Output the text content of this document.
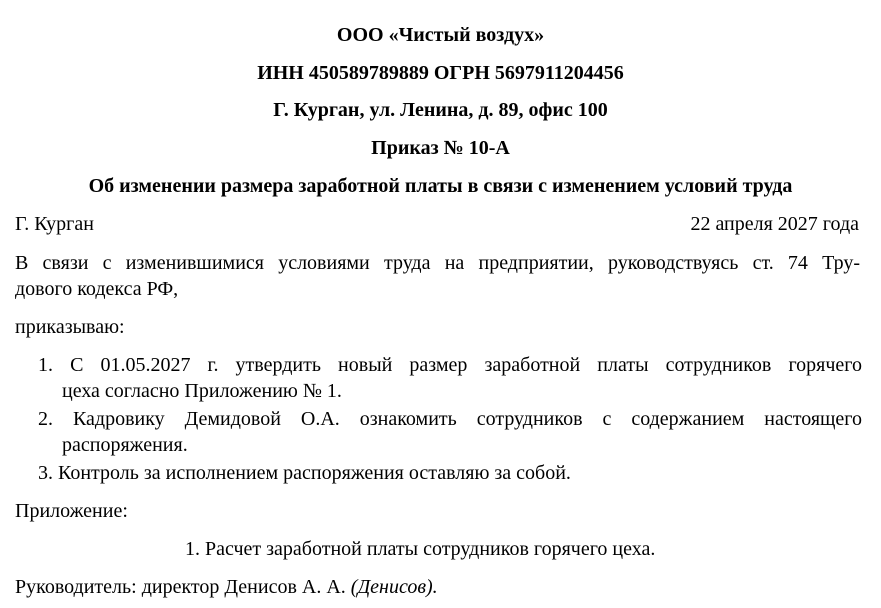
ООО «Чистый воздух»
ИНН 450589789889 ОГРН 5697911204456
Г. Курган, ул. Ленина, д. 89, офис 100
Приказ № 10-А
Об изменении размера заработной платы в связи с изменением условий труда
Г. Курган	22 апреля 2027 года
В связи с изменившимися условиями труда на предприятии, руководствуясь ст. 74 Тру-
дового кодекса РФ,
приказываю:
1. С 01.05.2027 г. утвердить новый размер заработной платы сотрудников горячего
цеха согласно Приложению № 1.
2. Кадровику Демидовой О.А. ознакомить сотрудников с содержанием настоящего
распоряжения.
3. Контроль за исполнением распоряжения оставляю за собой.
Приложение:
1. Расчет заработной платы сотрудников горячего цеха.
Руководитель: директор Денисов А. А. (Денисов).
